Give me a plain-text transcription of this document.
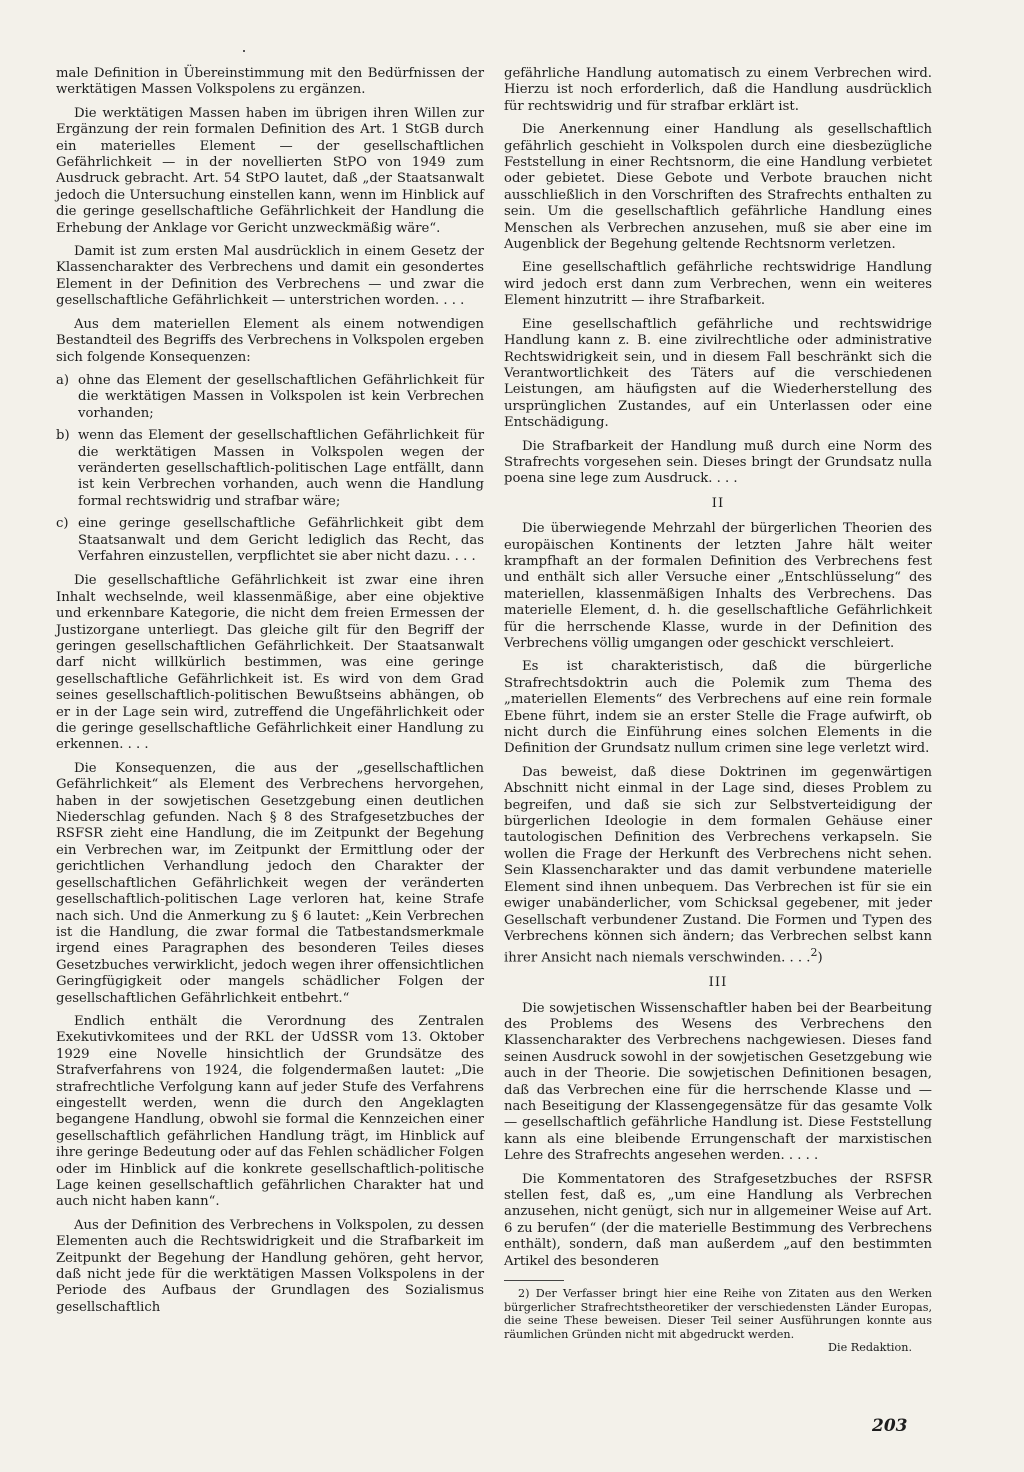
male Definition in Übereinstimmung mit den Bedürfnissen der werktätigen Massen Volkspolens zu ergänzen.

Die werktätigen Massen haben im übrigen ihren Willen zur Ergänzung der rein formalen Definition des Art. 1 StGB durch ein materielles Element — der gesellschaftlichen Gefährlichkeit — in der novellierten StPO von 1949 zum Ausdruck gebracht. Art. 54 StPO lautet, daß „der Staatsanwalt jedoch die Untersuchung einstellen kann, wenn im Hinblick auf die geringe gesellschaftliche Gefährlichkeit der Handlung die Erhebung der Anklage vor Gericht unzweckmäßig wäre“.

Damit ist zum ersten Mal ausdrücklich in einem Gesetz der Klassencharakter des Verbrechens und damit ein gesondertes Element in der Definition des Verbrechens — und zwar die gesellschaftliche Gefährlichkeit — unterstrichen worden. . . .

Aus dem materiellen Element als einem notwendigen Bestandteil des Begriffs des Verbrechens in Volkspolen ergeben sich folgende Konsequenzen:

a) ohne das Element der gesellschaftlichen Gefährlichkeit für die werktätigen Massen in Volkspolen ist kein Verbrechen vorhanden;
b) wenn das Element der gesellschaftlichen Gefährlichkeit für die werktätigen Massen in Volkspolen wegen der veränderten gesellschaftlich-politischen Lage entfällt, dann ist kein Verbrechen vorhanden, auch wenn die Handlung formal rechtswidrig und strafbar wäre;
c) eine geringe gesellschaftliche Gefährlichkeit gibt dem Staatsanwalt und dem Gericht lediglich das Recht, das Verfahren einzustellen, verpflichtet sie aber nicht dazu. . . .

Die gesellschaftliche Gefährlichkeit ist zwar eine ihren Inhalt wechselnde, weil klassenmäßige, aber eine objektive und erkennbare Kategorie, die nicht dem freien Ermessen der Justizorgane unterliegt. Das gleiche gilt für den Begriff der geringen gesellschaftlichen Gefährlichkeit. Der Staatsanwalt darf nicht willkürlich bestimmen, was eine geringe gesellschaftliche Gefährlichkeit ist. Es wird von dem Grad seines gesellschaftlich-politischen Bewußtseins abhängen, ob er in der Lage sein wird, zutreffend die Ungefährlichkeit oder die geringe gesellschaftliche Gefährlichkeit einer Handlung zu erkennen. . . .

Die Konsequenzen, die aus der „gesellschaftlichen Gefährlichkeit“ als Element des Verbrechens hervorgehen, haben in der sowjetischen Gesetzgebung einen deutlichen Niederschlag gefunden. Nach § 8 des Strafgesetzbuches der RSFSR zieht eine Handlung, die im Zeitpunkt der Begehung ein Verbrechen war, im Zeitpunkt der Ermittlung oder der gerichtlichen Verhandlung jedoch den Charakter der gesellschaftlichen Gefährlichkeit wegen der veränderten gesellschaftlich-politischen Lage verloren hat, keine Strafe nach sich. Und die Anmerkung zu § 6 lautet: „Kein Verbrechen ist die Handlung, die zwar formal die Tatbestandsmerkmale irgend eines Paragraphen des besonderen Teiles dieses Gesetzbuches verwirklicht, jedoch wegen ihrer offensichtlichen Geringfügigkeit oder mangels schädlicher Folgen der gesellschaftlichen Gefährlichkeit entbehrt.“

Endlich enthält die Verordnung des Zentralen Exekutivkomitees und der RKL der UdSSR vom 13. Oktober 1929 eine Novelle hinsichtlich der Grundsätze des Strafverfahrens von 1924, die folgendermaßen lautet: „Die strafrechtliche Verfolgung kann auf jeder Stufe des Verfahrens eingestellt werden, wenn die durch den Angeklagten begangene Handlung, obwohl sie formal die Kennzeichen einer gesellschaftlich gefährlichen Handlung trägt, im Hinblick auf ihre geringe Bedeutung oder auf das Fehlen schädlicher Folgen oder im Hinblick auf die konkrete gesellschaftlich-politische Lage keinen gesellschaftlich gefährlichen Charakter hat und auch nicht haben kann“.

Aus der Definition des Verbrechens in Volkspolen, zu dessen Elementen auch die Rechtswidrigkeit und die Strafbarkeit im Zeitpunkt der Begehung der Handlung gehören, geht hervor, daß nicht jede für die werktätigen Massen Volkspolens in der Periode des Aufbaus der Grundlagen des Sozialismus gesellschaftlich

gefährliche Handlung automatisch zu einem Verbrechen wird. Hierzu ist noch erforderlich, daß die Handlung ausdrücklich für rechtswidrig und für strafbar erklärt ist.

Die Anerkennung einer Handlung als gesellschaftlich gefährlich geschieht in Volkspolen durch eine diesbezügliche Feststellung in einer Rechtsnorm, die eine Handlung verbietet oder gebietet. Diese Gebote und Verbote brauchen nicht ausschließlich in den Vorschriften des Strafrechts enthalten zu sein. Um die gesellschaftlich gefährliche Handlung eines Menschen als Verbrechen anzusehen, muß sie aber eine im Augenblick der Begehung geltende Rechtsnorm verletzen.

Eine gesellschaftlich gefährliche rechtswidrige Handlung wird jedoch erst dann zum Verbrechen, wenn ein weiteres Element hinzutritt — ihre Strafbarkeit.

Eine gesellschaftlich gefährliche und rechtswidrige Handlung kann z. B. eine zivilrechtliche oder administrative Rechtswidrigkeit sein, und in diesem Fall beschränkt sich die Verantwortlichkeit des Täters auf die verschiedenen Leistungen, am häufigsten auf die Wiederherstellung des ursprünglichen Zustandes, auf ein Unterlassen oder eine Entschädigung.

Die Strafbarkeit der Handlung muß durch eine Norm des Strafrechts vorgesehen sein. Dieses bringt der Grundsatz nulla poena sine lege zum Ausdruck. . . .

II

Die überwiegende Mehrzahl der bürgerlichen Theorien des europäischen Kontinents der letzten Jahre hält weiter krampfhaft an der formalen Definition des Verbrechens fest und enthält sich aller Versuche einer „Entschlüsselung“ des materiellen, klassenmäßigen Inhalts des Verbrechens. Das materielle Element, d. h. die gesellschaftliche Gefährlichkeit für die herrschende Klasse, wurde in der Definition des Verbrechens völlig umgangen oder geschickt verschleiert.

Es ist charakteristisch, daß die bürgerliche Strafrechtsdoktrin auch die Polemik zum Thema des „materiellen Elements“ des Verbrechens auf eine rein formale Ebene führt, indem sie an erster Stelle die Frage aufwirft, ob nicht durch die Einführung eines solchen Elements in die Definition der Grundsatz nullum crimen sine lege verletzt wird.

Das beweist, daß diese Doktrinen im gegenwärtigen Abschnitt nicht einmal in der Lage sind, dieses Problem zu begreifen, und daß sie sich zur Selbstverteidigung der bürgerlichen Ideologie in dem formalen Gehäuse einer tautologischen Definition des Verbrechens verkapseln. Sie wollen die Frage der Herkunft des Verbrechens nicht sehen. Sein Klassencharakter und das damit verbundene materielle Element sind ihnen unbequem. Das Verbrechen ist für sie ein ewiger unabänderlicher, vom Schicksal gegebener, mit jeder Gesellschaft verbundener Zustand. Die Formen und Typen des Verbrechens können sich ändern; das Verbrechen selbst kann ihrer Ansicht nach niemals verschwinden. . . .$^2$)

III

Die sowjetischen Wissenschaftler haben bei der Bearbeitung des Problems des Wesens des Verbrechens den Klassencharakter des Verbrechens nachgewiesen. Dieses fand seinen Ausdruck sowohl in der sowjetischen Gesetzgebung wie auch in der Theorie. Die sowjetischen Definitionen besagen, daß das Verbrechen eine für die herrschende Klasse und — nach Beseitigung der Klassengegensätze für das gesamte Volk — gesellschaftlich gefährliche Handlung ist. Diese Feststellung kann als eine bleibende Errungenschaft der marxistischen Lehre des Strafrechts angesehen werden. . . . .

Die Kommentatoren des Strafgesetzbuches der RSFSR stellen fest, daß es, „um eine Handlung als Verbrechen anzusehen, nicht genügt, sich nur in allgemeiner Weise auf Art. 6 zu berufen“ (der die materielle Bestimmung des Verbrechens enthält), sondern, daß man außerdem „auf den bestimmten Artikel des besonderen

2) Der Verfasser bringt hier eine Reihe von Zitaten aus den Werken bürgerlicher Strafrechtstheoretiker der verschiedensten Länder Europas, die seine These beweisen. Dieser Teil seiner Ausführungen konnte aus räumlichen Gründen nicht mit abgedruckt werden.
Die Redaktion.
203
